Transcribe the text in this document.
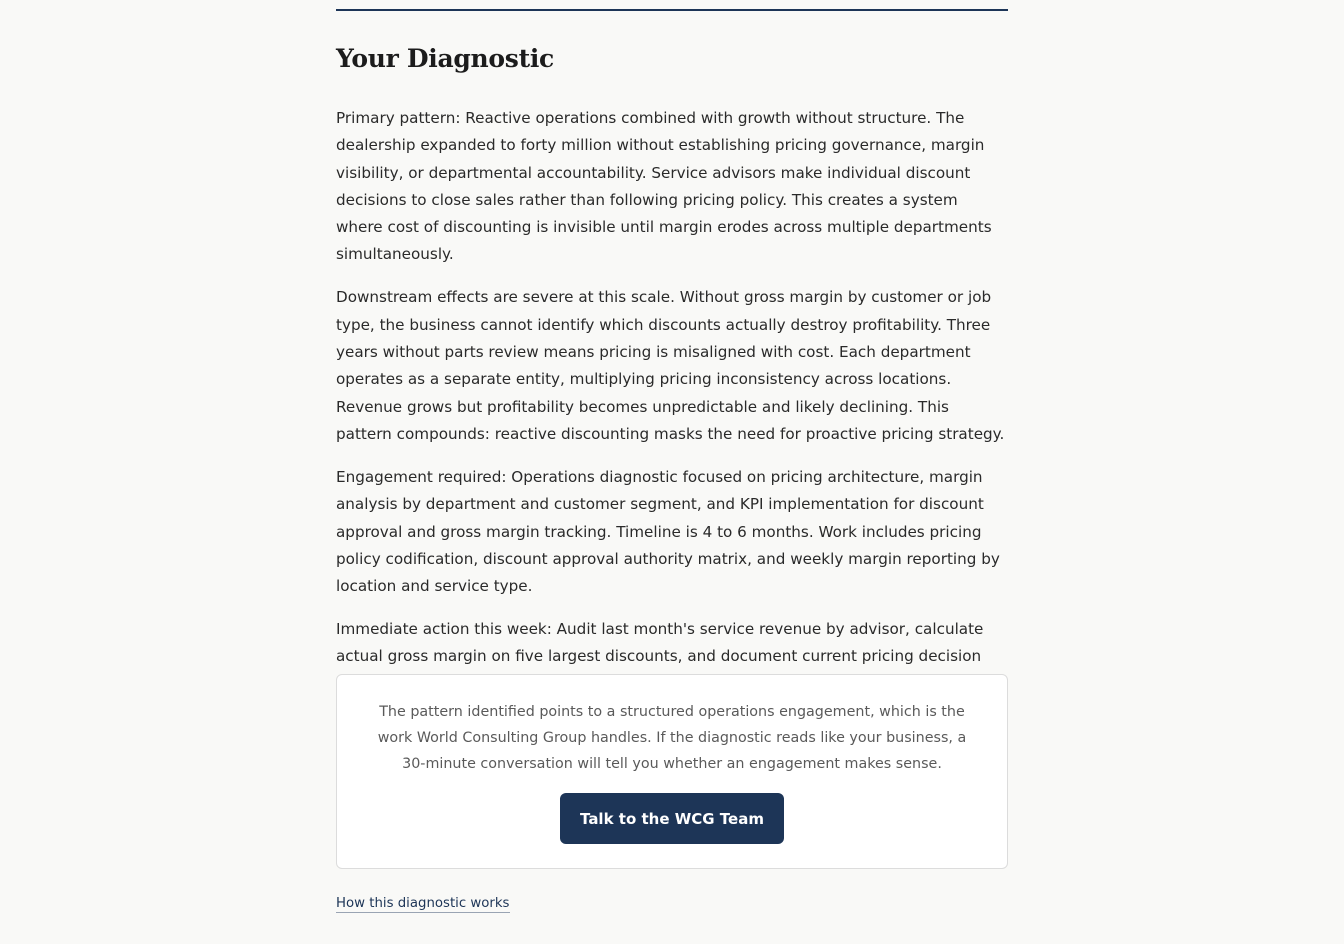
Your Diagnostic

Primary pattern: Reactive operations combined with growth without structure. The dealership expanded to forty million without establishing pricing governance, margin visibility, or departmental accountability. Service advisors make individual discount decisions to close sales rather than following pricing policy. This creates a system where cost of discounting is invisible until margin erodes across multiple departments simultaneously.

Downstream effects are severe at this scale. Without gross margin by customer or job type, the business cannot identify which discounts actually destroy profitability. Three years without parts review means pricing is misaligned with cost. Each department operates as a separate entity, multiplying pricing inconsistency across locations. Revenue grows but profitability becomes unpredictable and likely declining. This pattern compounds: reactive discounting masks the need for proactive pricing strategy.

Engagement required: Operations diagnostic focused on pricing architecture, margin analysis by department and customer segment, and KPI implementation for discount approval and gross margin tracking. Timeline is 4 to 6 months. Work includes pricing policy codification, discount approval authority matrix, and weekly margin reporting by location and service type.

Immediate action this week: Audit last month's service revenue by advisor, calculate actual gross margin on five largest discounts, and document current pricing decision

The pattern identified points to a structured operations engagement, which is the work World Consulting Group handles. If the diagnostic reads like your business, a 30-minute conversation will tell you whether an engagement makes sense.

Talk to the WCG Team
How this diagnostic works
